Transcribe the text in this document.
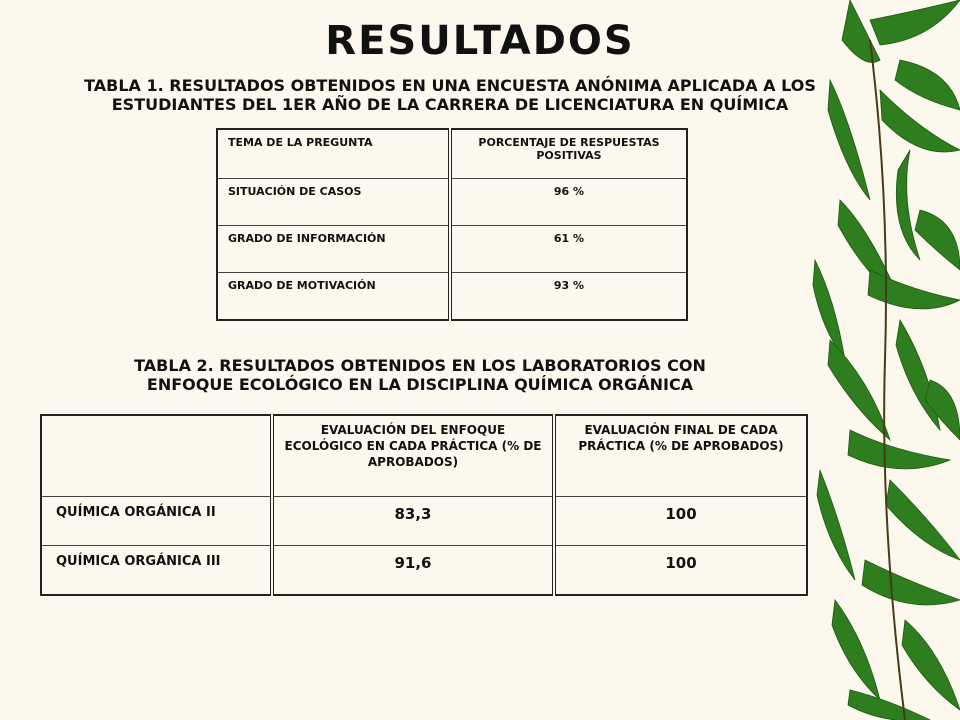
RESULTADOS
TABLA 1. RESULTADOS OBTENIDOS EN UNA ENCUESTA ANÓNIMA APLICADA A LOS ESTUDIANTES DEL 1ER AÑO DE LA CARRERA DE LICENCIATURA EN QUÍMICA
TEMA DE LA PREGUNTA	PORCENTAJE DE RESPUESTAS POSITIVAS
SITUACIÓN DE CASOS	96 %
GRADO DE INFORMACIÓN	61 %
GRADO DE MOTIVACIÓN	93 %
TABLA 2. RESULTADOS OBTENIDOS EN LOS LABORATORIOS CON ENFOQUE ECOLÓGICO EN LA DISCIPLINA QUÍMICA ORGÁNICA
	EVALUACIÓN DEL ENFOQUE ECOLÓGICO EN CADA PRÁCTICA (% DE APROBADOS)	EVALUACIÓN FINAL DE CADA PRÁCTICA (% DE APROBADOS)
QUÍMICA ORGÁNICA II	83,3	100
QUÍMICA ORGÁNICA III	91,6	100
